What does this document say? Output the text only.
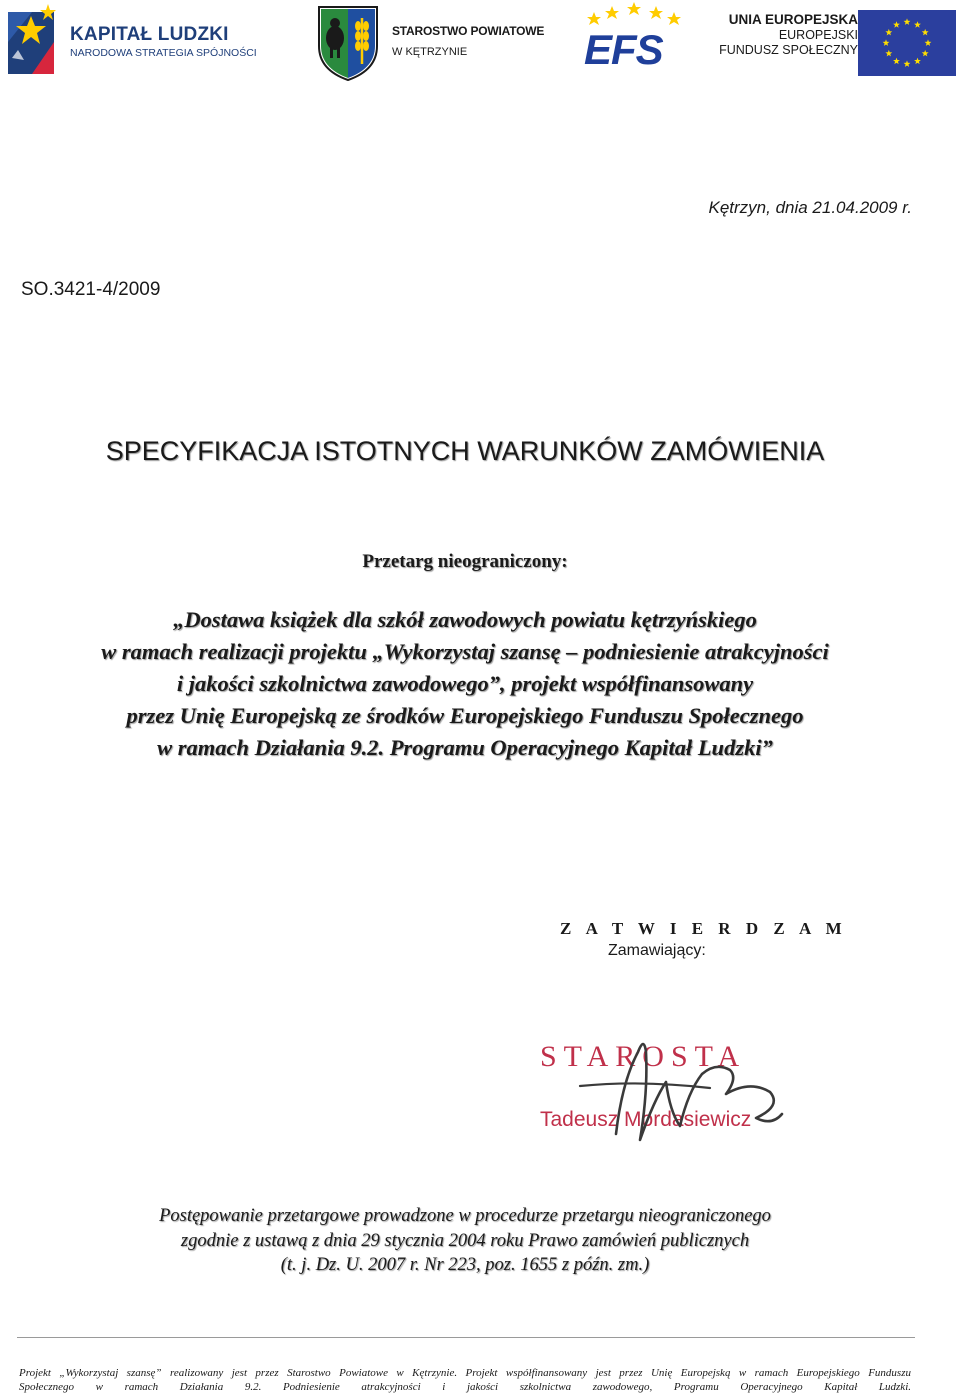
KAPITAŁ LUDZKI
NARODOWA STRATEGIA SPÓJNOŚCI
STAROSTWO POWIATOWE
W KĘTRZYNIE	EFS
UNIA EUROPEJSKA
EUROPEJSKI
FUNDUSZ SPOŁECZNY
Kętrzyn, dnia 21.04.2009 r.
SO.3421-4/2009
SPECYFIKACJA ISTOTNYCH WARUNKÓW ZAMÓWIENIA
Przetarg nieograniczony:
„Dostawa książek dla szkół zawodowych powiatu kętrzyńskiego
w ramach realizacji projektu „Wykorzystaj szansę – podniesienie atrakcyjności
i jakości szkolnictwa zawodowego”, projekt współfinansowany
przez Unię Europejską ze środków Europejskiego Funduszu Społecznego
w ramach Działania 9.2. Programu Operacyjnego Kapitał Ludzki”
Z A T W I E R D Z A M
Zamawiający:
STAROSTA
Tadeusz Mordasiewicz
Postępowanie przetargowe prowadzone w procedurze przetargu nieograniczonego
zgodnie z ustawą z dnia 29 stycznia 2004 roku Prawo zamówień publicznych
(t. j. Dz. U. 2007 r. Nr 223, poz. 1655 z późn. zm.)
Projekt „Wykorzystaj szansę” realizowany jest przez Starostwo Powiatowe w Kętrzynie. Projekt współfinansowany jest przez Unię Europejską w ramach Europejskiego Funduszu
Społecznego w ramach Działania 9.2. Podniesienie atrakcyjności i jakości szkolnictwa zawodowego, Programu Operacyjnego Kapitał Ludzki.
